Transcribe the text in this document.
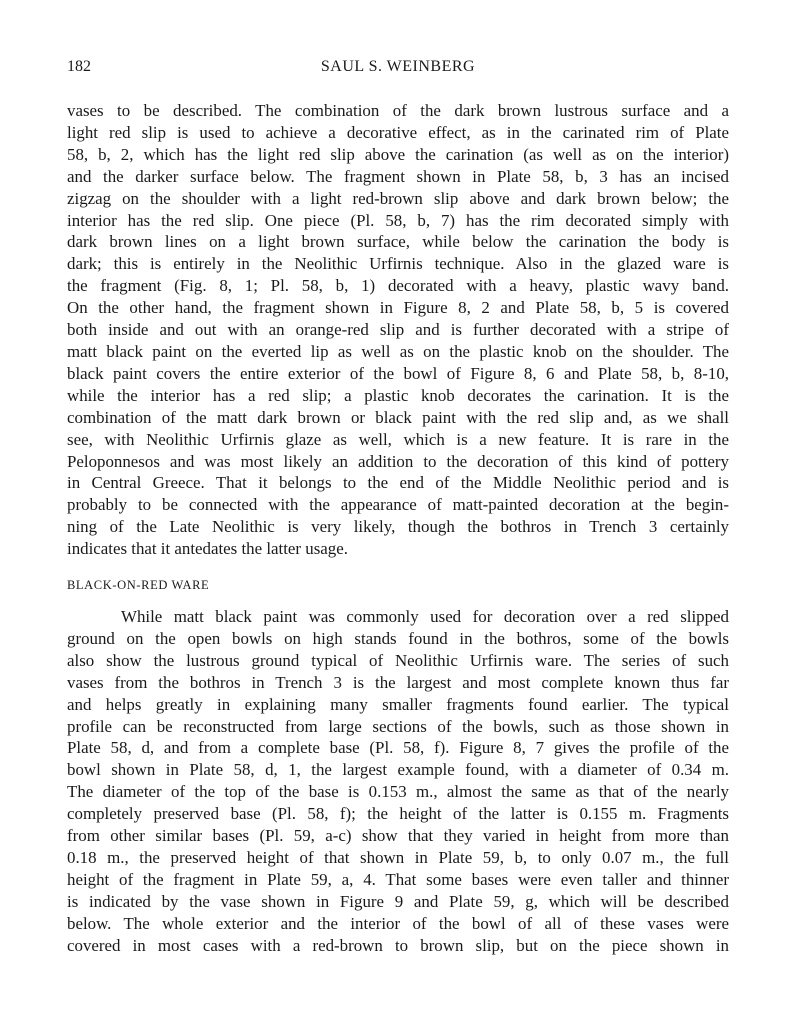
182	SAUL S. WEINBERG
vases to be described. The combination of the dark brown lustrous surface and a
light red slip is used to achieve a decorative effect, as in the carinated rim of Plate
58, b, 2, which has the light red slip above the carination (as well as on the interior)
and the darker surface below. The fragment shown in Plate 58, b, 3 has an incised
zigzag on the shoulder with a light red-brown slip above and dark brown below; the
interior has the red slip. One piece (Pl. 58, b, 7) has the rim decorated simply with
dark brown lines on a light brown surface, while below the carination the body is
dark; this is entirely in the Neolithic Urfirnis technique. Also in the glazed ware is
the fragment (Fig. 8, 1; Pl. 58, b, 1) decorated with a heavy, plastic wavy band.
On the other hand, the fragment shown in Figure 8, 2 and Plate 58, b, 5 is covered
both inside and out with an orange-red slip and is further decorated with a stripe of
matt black paint on the everted lip as well as on the plastic knob on the shoulder. The
black paint covers the entire exterior of the bowl of Figure 8, 6 and Plate 58, b, 8-10,
while the interior has a red slip; a plastic knob decorates the carination. It is the
combination of the matt dark brown or black paint with the red slip and, as we shall
see, with Neolithic Urfirnis glaze as well, which is a new feature. It is rare in the
Peloponnesos and was most likely an addition to the decoration of this kind of pottery
in Central Greece. That it belongs to the end of the Middle Neolithic period and is
probably to be connected with the appearance of matt-painted decoration at the begin-
ning of the Late Neolithic is very likely, though the bothros in Trench 3 certainly
indicates that it antedates the latter usage.
BLACK-ON-RED WARE
While matt black paint was commonly used for decoration over a red slipped
ground on the open bowls on high stands found in the bothros, some of the bowls
also show the lustrous ground typical of Neolithic Urfirnis ware. The series of such
vases from the bothros in Trench 3 is the largest and most complete known thus far
and helps greatly in explaining many smaller fragments found earlier. The typical
profile can be reconstructed from large sections of the bowls, such as those shown in
Plate 58, d, and from a complete base (Pl. 58, f). Figure 8, 7 gives the profile of the
bowl shown in Plate 58, d, 1, the largest example found, with a diameter of 0.34 m.
The diameter of the top of the base is 0.153 m., almost the same as that of the nearly
completely preserved base (Pl. 58, f); the height of the latter is 0.155 m. Fragments
from other similar bases (Pl. 59, a-c) show that they varied in height from more than
0.18 m., the preserved height of that shown in Plate 59, b, to only 0.07 m., the full
height of the fragment in Plate 59, a, 4. That some bases were even taller and thinner
is indicated by the vase shown in Figure 9 and Plate 59, g, which will be described
below. The whole exterior and the interior of the bowl of all of these vases were
covered in most cases with a red-brown to brown slip, but on the piece shown in
